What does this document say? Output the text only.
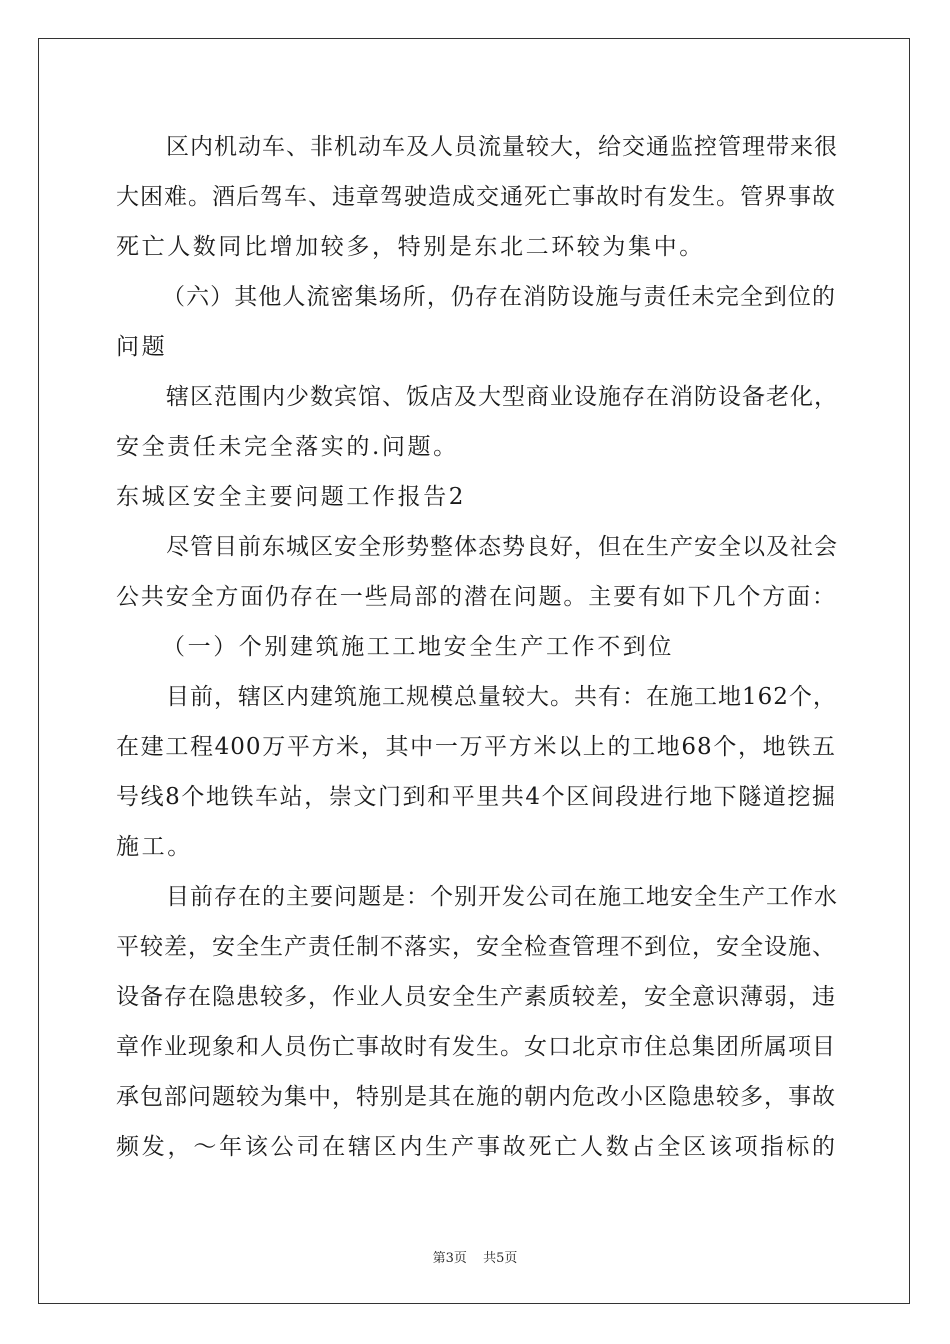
区内机动车、非机动车及人员流量较大，给交通监控管理带来很
大困难。酒后驾车、违章驾驶造成交通死亡事故时有发生。管界事故
死亡人数同比增加较多，特别是东北二环较为集中。
（六）其他人流密集场所，仍存在消防设施与责任未完全到位的
问题
辖区范围内少数宾馆、饭店及大型商业设施存在消防设备老化，
安全责任未完全落实的.问题。
东城区安全主要问题工作报告2
尽管目前东城区安全形势整体态势良好，但在生产安全以及社会
公共安全方面仍存在一些局部的潜在问题。主要有如下几个方面：
（一）个别建筑施工工地安全生产工作不到位
目前，辖区内建筑施工规模总量较大。共有：在施工地162个，
在建工程400万平方米，其中一万平方米以上的工地68个，地铁五
号线8个地铁车站，崇文门到和平里共4个区间段进行地下隧道挖掘
施工。
目前存在的主要问题是：个别开发公司在施工地安全生产工作水
平较差，安全生产责任制不落实，安全检查管理不到位，安全设施、
设备存在隐患较多，作业人员安全生产素质较差，安全意识薄弱，违
章作业现象和人员伤亡事故时有发生。女口北京市住总集团所属项目
承包部问题较为集中，特别是其在施的朝内危改小区隐患较多，事故
频发，～年该公司在辖区内生产事故死亡人数占全区该项指标的
第3页 共5页
